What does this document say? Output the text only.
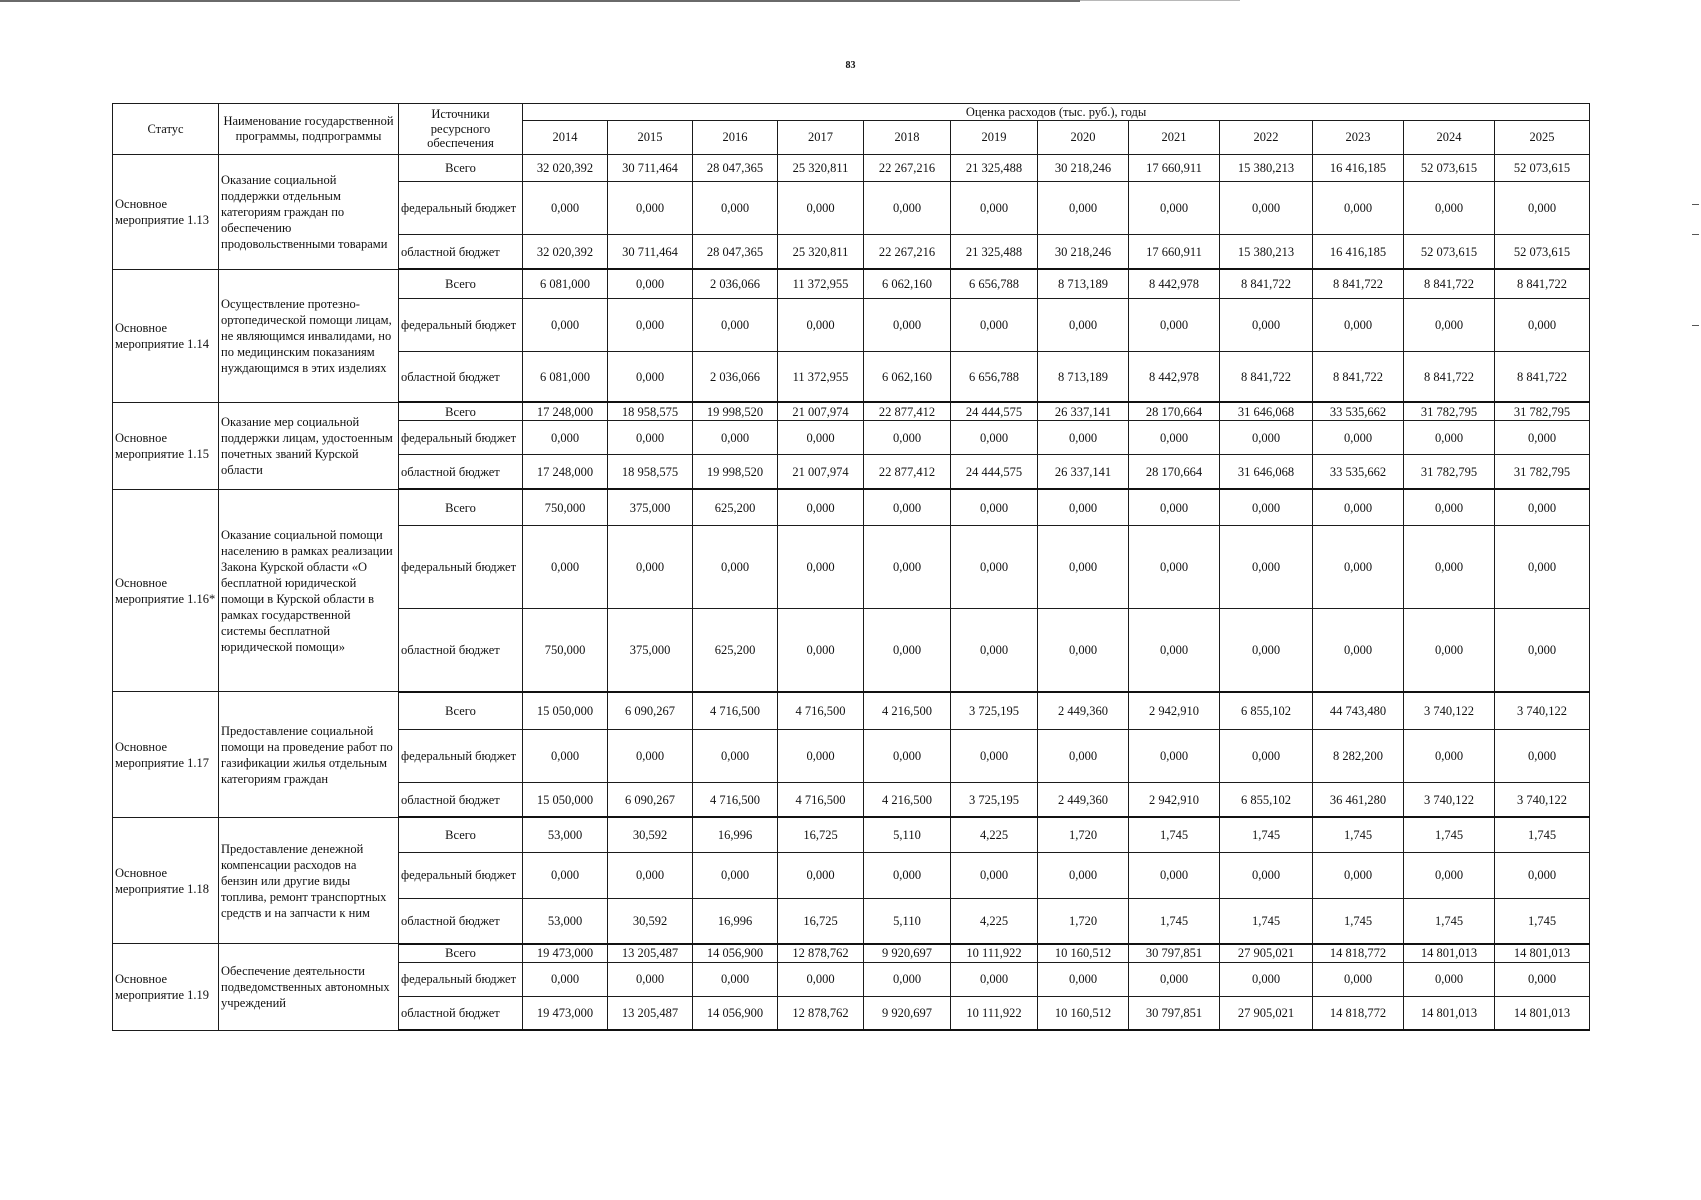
83
Статус	Наименование государственной программы, подпрограммы	Источники ресурсного обеспечения	Оценка расходов (тыс. руб.), годы											
			2014	2015	2016	2017	2018	2019	2020	2021	2022	2023	2024	2025
Основное мероприятие 1.13	Оказание социальной поддержки отдельным категориям граждан по обеспечению продовольственными товарами	Всего	32 020,392	30 711,464	28 047,365	25 320,811	22 267,216	21 325,488	30 218,246	17 660,911	15 380,213	16 416,185	52 073,615	52 073,615
		федеральный бюджет	0,000	0,000	0,000	0,000	0,000	0,000	0,000	0,000	0,000	0,000	0,000	0,000
		областной бюджет	32 020,392	30 711,464	28 047,365	25 320,811	22 267,216	21 325,488	30 218,246	17 660,911	15 380,213	16 416,185	52 073,615	52 073,615
Основное мероприятие 1.14	Осуществление протезно-ортопедической помощи лицам, не являющимся инвалидами, но по медицинским показаниям нуждающимся в этих изделиях	Всего	6 081,000	0,000	2 036,066	11 372,955	6 062,160	6 656,788	8 713,189	8 442,978	8 841,722	8 841,722	8 841,722	8 841,722
		федеральный бюджет	0,000	0,000	0,000	0,000	0,000	0,000	0,000	0,000	0,000	0,000	0,000	0,000
		областной бюджет	6 081,000	0,000	2 036,066	11 372,955	6 062,160	6 656,788	8 713,189	8 442,978	8 841,722	8 841,722	8 841,722	8 841,722
Основное мероприятие 1.15	Оказание мер социальной поддержки лицам, удостоенным почетных званий Курской области	Всего	17 248,000	18 958,575	19 998,520	21 007,974	22 877,412	24 444,575	26 337,141	28 170,664	31 646,068	33 535,662	31 782,795	31 782,795
		федеральный бюджет	0,000	0,000	0,000	0,000	0,000	0,000	0,000	0,000	0,000	0,000	0,000	0,000
		областной бюджет	17 248,000	18 958,575	19 998,520	21 007,974	22 877,412	24 444,575	26 337,141	28 170,664	31 646,068	33 535,662	31 782,795	31 782,795
Основное мероприятие 1.16*	Оказание социальной помощи населению в рамках реализации Закона Курской области «О бесплатной юридической помощи в Курской области в рамках государственной системы бесплатной юридической помощи»	Всего	750,000	375,000	625,200	0,000	0,000	0,000	0,000	0,000	0,000	0,000	0,000	0,000
		федеральный бюджет	0,000	0,000	0,000	0,000	0,000	0,000	0,000	0,000	0,000	0,000	0,000	0,000
		областной бюджет	750,000	375,000	625,200	0,000	0,000	0,000	0,000	0,000	0,000	0,000	0,000	0,000
Основное мероприятие 1.17	Предоставление социальной помощи на проведение работ по газификации жилья отдельным категориям граждан	Всего	15 050,000	6 090,267	4 716,500	4 716,500	4 216,500	3 725,195	2 449,360	2 942,910	6 855,102	44 743,480	3 740,122	3 740,122
		федеральный бюджет	0,000	0,000	0,000	0,000	0,000	0,000	0,000	0,000	0,000	8 282,200	0,000	0,000
		областной бюджет	15 050,000	6 090,267	4 716,500	4 716,500	4 216,500	3 725,195	2 449,360	2 942,910	6 855,102	36 461,280	3 740,122	3 740,122
Основное мероприятие 1.18	Предоставление денежной компенсации расходов на бензин или другие виды топлива, ремонт транспортных средств и на запчасти к ним	Всего	53,000	30,592	16,996	16,725	5,110	4,225	1,720	1,745	1,745	1,745	1,745	1,745
		федеральный бюджет	0,000	0,000	0,000	0,000	0,000	0,000	0,000	0,000	0,000	0,000	0,000	0,000
		областной бюджет	53,000	30,592	16,996	16,725	5,110	4,225	1,720	1,745	1,745	1,745	1,745	1,745
Основное мероприятие 1.19	Обеспечение деятельности подведомственных автономных учреждений	Всего	19 473,000	13 205,487	14 056,900	12 878,762	9 920,697	10 111,922	10 160,512	30 797,851	27 905,021	14 818,772	14 801,013	14 801,013
		федеральный бюджет	0,000	0,000	0,000	0,000	0,000	0,000	0,000	0,000	0,000	0,000	0,000	0,000
		областной бюджет	19 473,000	13 205,487	14 056,900	12 878,762	9 920,697	10 111,922	10 160,512	30 797,851	27 905,021	14 818,772	14 801,013	14 801,013
